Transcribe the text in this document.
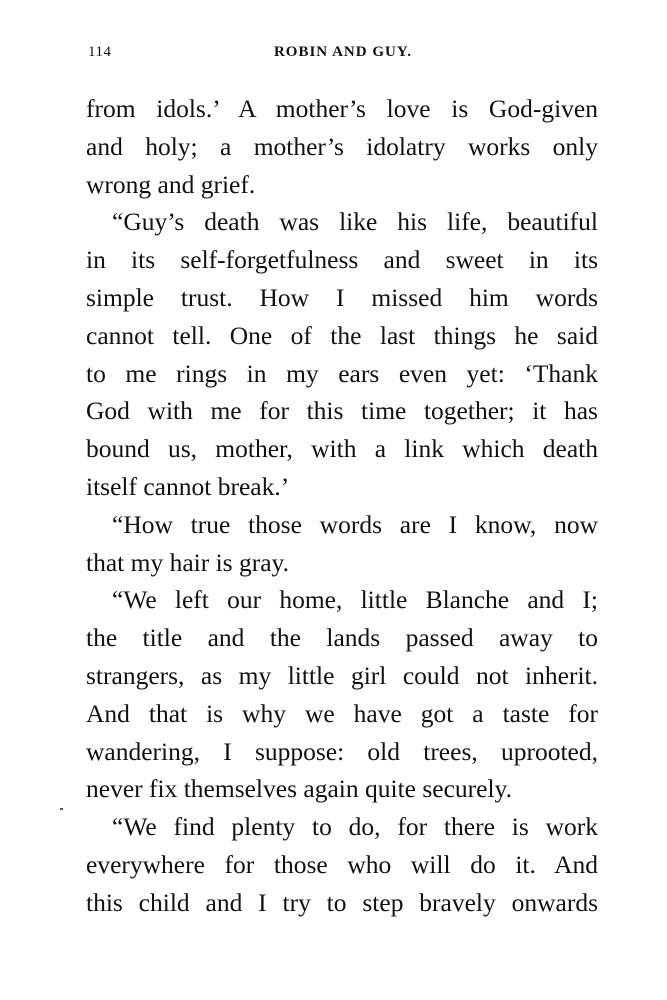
114	ROBIN AND GUY.
from idols.’ A mother’s love is God-given
and holy; a mother’s idolatry works only
wrong and grief.
“Guy’s death was like his life, beautiful
in its self-forgetfulness and sweet in its
simple trust. How I missed him words
cannot tell. One of the last things he said
to me rings in my ears even yet: ‘Thank
God with me for this time together; it has
bound us, mother, with a link which death
itself cannot break.’
“How true those words are I know, now
that my hair is gray.
“We left our home, little Blanche and I;
the title and the lands passed away to
strangers, as my little girl could not inherit.
And that is why we have got a taste for
wandering, I suppose: old trees, uprooted,
never fix themselves again quite securely.
“We find plenty to do, for there is work
everywhere for those who will do it. And
this child and I try to step bravely onwards
